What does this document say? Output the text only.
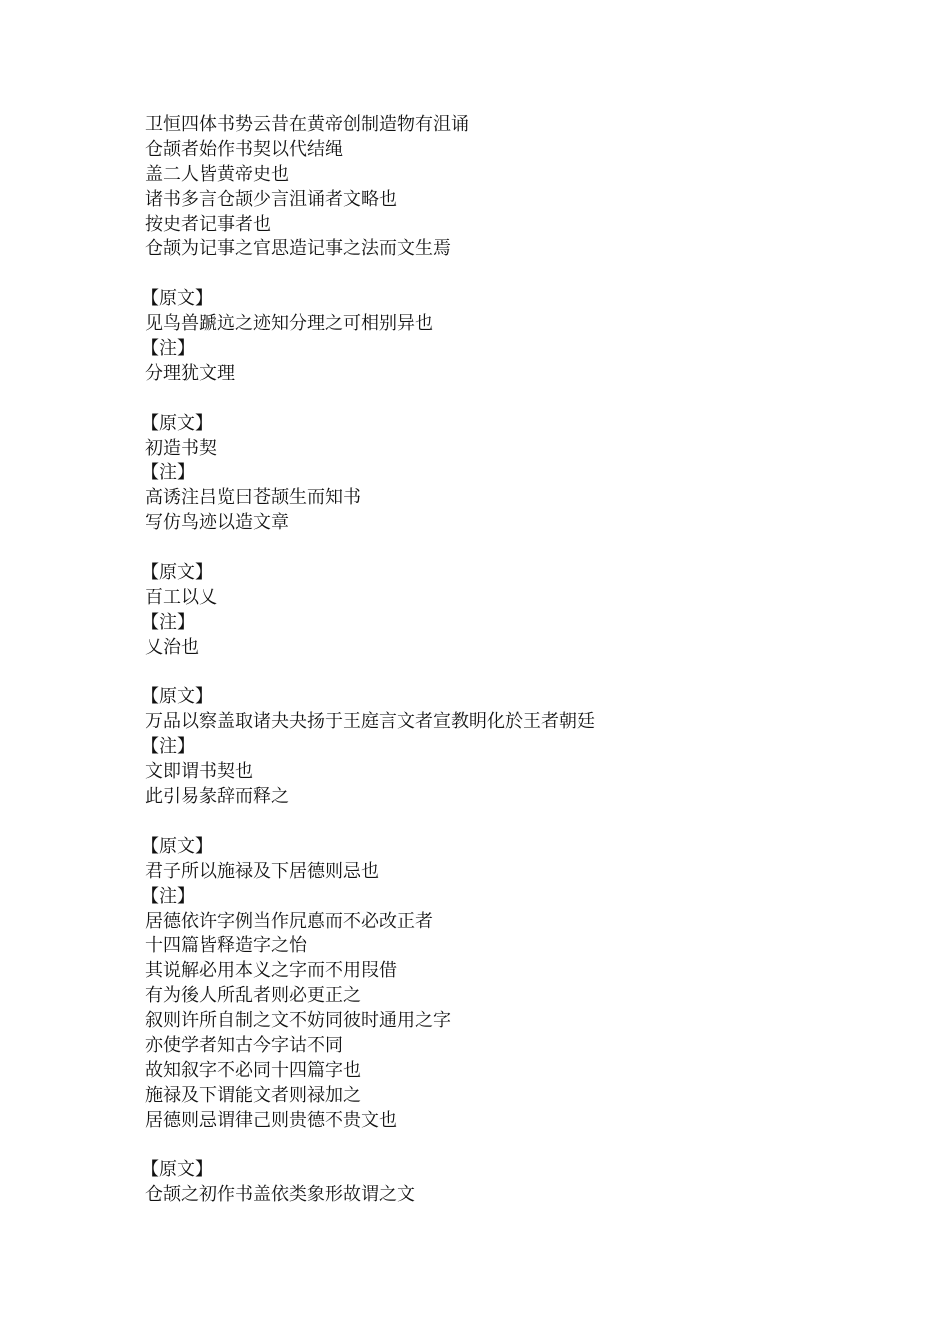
卫恒四体书势云昔在黄帝创制造物有沮诵
仓颉者始作书契以代结绳
盖二人皆黄帝史也
诸书多言仓颉少言沮诵者文略也
按史者记事者也
仓颉为记事之官思造记事之法而文生焉
【原文】
见鸟兽蹏迒之迹知分理之可相别异也
【注】
分理犹文理
【原文】
初造书契
【注】
高诱注吕览曰苍颉生而知书
写仿鸟迹以造文章
【原文】
百工以乂
【注】
乂治也
【原文】
万品以察盖取诸夬夬扬于王庭言文者宣教眀化於王者朝廷
【注】
文即谓书契也
此引易彖辞而释之
【原文】
君子所以施禄及下居德则忌也
【注】
居德依许字例当作凥悳而不必改正者
十四篇皆释造字之怡
其说解必用本义之字而不用叚借
有为後人所乱者则必更正之
叙则许所自制之文不妨同彼时通用之字
亦使学者知古今字诂不同
故知叙字不必同十四篇字也
施禄及下谓能文者则禄加之
居德则忌谓律己则贵德不贵文也
【原文】
仓颉之初作书盖依类象形故谓之文
